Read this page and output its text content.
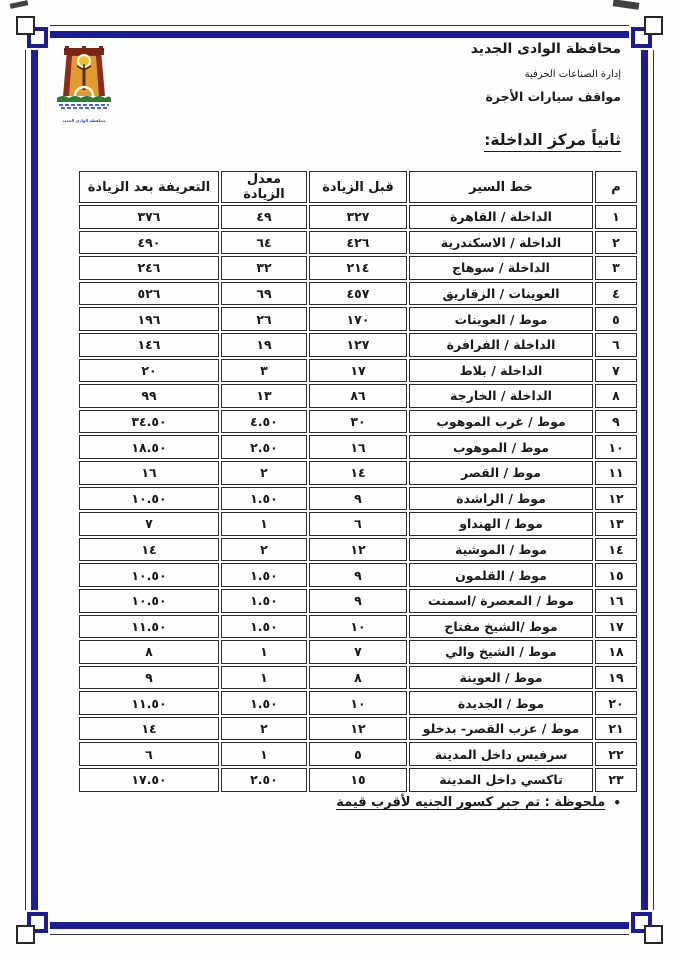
محافظة الوادى الجديد
محافظة الوادى الجديد
إدارة الصناعات الحرفية
مواقف سيارات الأجرة
ثانياً مركز الداخلة:
م	خط السير	قبل الزيادة	معدل الزيادة	التعريفة بعد الزيادة
١	الداخلة / القاهرة	٣٢٧	٤٩	٣٧٦
٢	الداخلة / الاسكندرية	٤٢٦	٦٤	٤٩٠
٣	الداخلة / سوهاج	٢١٤	٣٢	٢٤٦
٤	العوينات / الزقاريق	٤٥٧	٦٩	٥٢٦
٥	موط / العوينات	١٧٠	٢٦	١٩٦
٦	الداخلة / الفرافرة	١٢٧	١٩	١٤٦
٧	الداخلة / بلاط	١٧	٣	٢٠
٨	الداخلة / الخارجة	٨٦	١٣	٩٩
٩	موط / غرب الموهوب	٣٠	٤.٥٠	٣٤.٥٠
١٠	موط / الموهوب	١٦	٢.٥٠	١٨.٥٠
١١	موط / القصر	١٤	٢	١٦
١٢	موط / الراشدة	٩	١.٥٠	١٠.٥٠
١٣	موط / الهنداو	٦	١	٧
١٤	موط / الموشية	١٢	٢	١٤
١٥	موط / القلمون	٩	١.٥٠	١٠.٥٠
١٦	موط / المعصرة /اسمنت	٩	١.٥٠	١٠.٥٠
١٧	موط /الشيخ مفتاح	١٠	١.٥٠	١١.٥٠
١٨	موط / الشيخ والي	٧	١	٨
١٩	موط / العوينة	٨	١	٩
٢٠	موط / الجديدة	١٠	١.٥٠	١١.٥٠
٢١	موط / عزب القصر- بدخلو	١٢	٢	١٤
٢٢	سرفيس داخل المدينة	٥	١	٦
٢٣	تاكسي داخل المدينة	١٥	٢.٥٠	١٧.٥٠
•ملحوظة : تم جبر كسور الجنيه لأقرب قيمة
